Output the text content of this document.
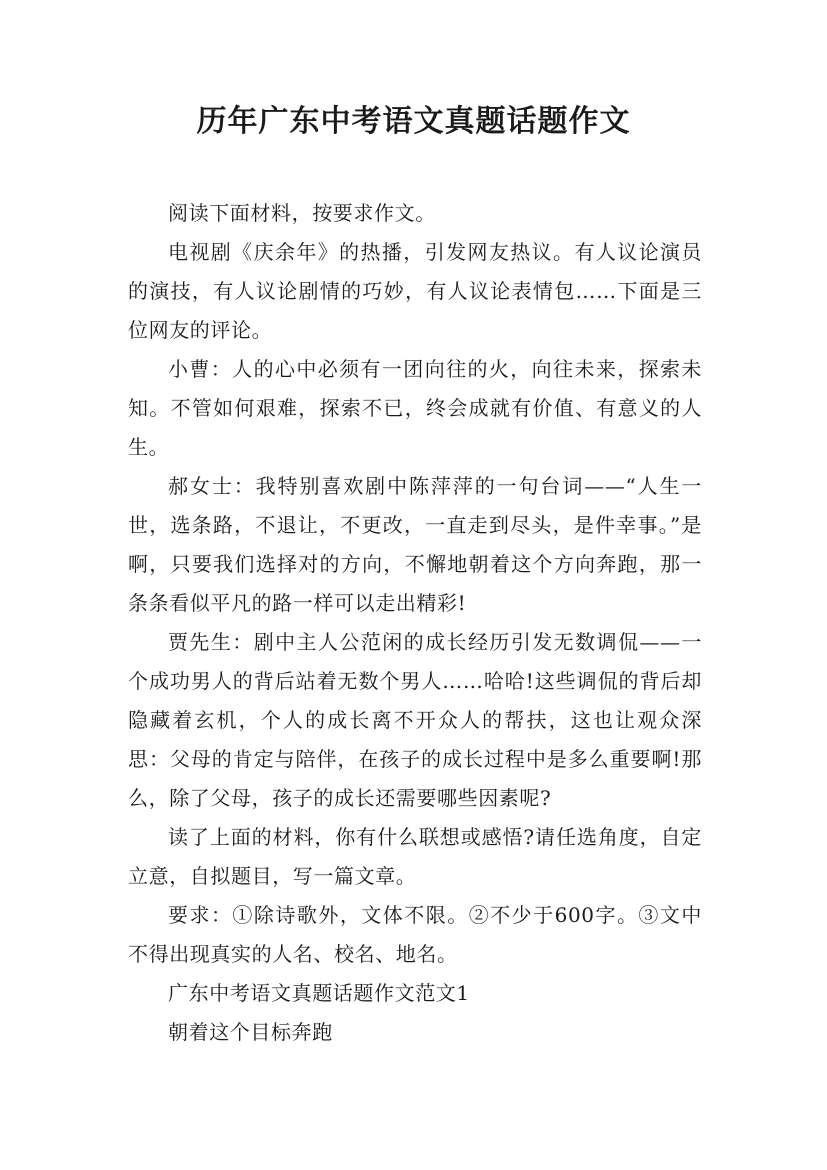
历年广东中考语文真题话题作文

阅读下面材料，按要求作文。

电视剧《庆余年》的热播，引发网友热议。有人议论演员的演技，有人议论剧情的巧妙，有人议论表情包……下面是三位网友的评论。

小曹：人的心中必须有一团向往的火，向往未来，探索未知。不管如何艰难，探索不已，终会成就有价值、有意义的人生。

郝女士：我特别喜欢剧中陈萍萍的一句台词——“人生一世，选条路，不退让，不更改，一直走到尽头，是件幸事。”是啊，只要我们选择对的方向，不懈地朝着这个方向奔跑，那一条条看似平凡的路一样可以走出精彩!

贾先生：剧中主人公范闲的成长经历引发无数调侃——一个成功男人的背后站着无数个男人……哈哈!这些调侃的背后却隐藏着玄机，个人的成长离不开众人的帮扶，这也让观众深思：父母的肯定与陪伴，在孩子的成长过程中是多么重要啊!那么，除了父母，孩子的成长还需要哪些因素呢?

读了上面的材料，你有什么联想或感悟?请任选角度，自定立意，自拟题目，写一篇文章。

要求：①除诗歌外，文体不限。②不少于600字。③文中不得出现真实的人名、校名、地名。

广东中考语文真题话题作文范文1

朝着这个目标奔跑
